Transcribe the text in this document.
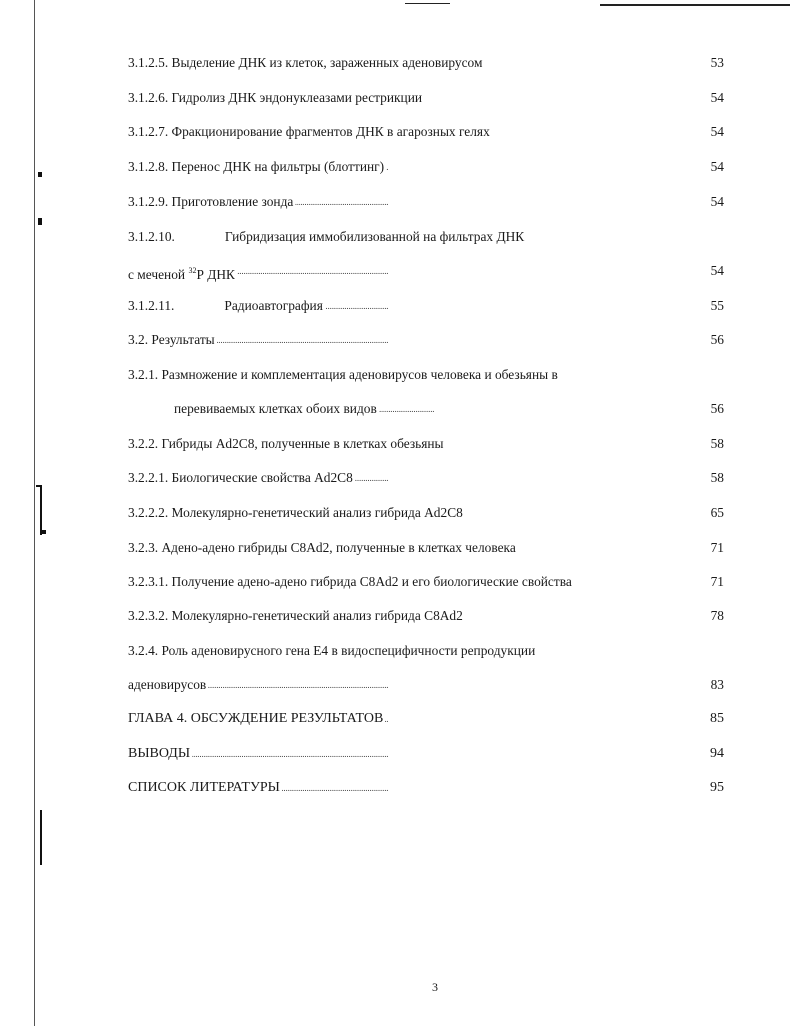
3.1.2.5. Выделение ДНК из клеток, зараженных аденовирусом . . .	53
3.1.2.6. Гидролиз ДНК эндонуклеазами рестрикции . . .	54
3.1.2.7. Фракционирование фрагментов ДНК в агарозных гелях . . .	54
3.1.2.8. Перенос ДНК на фильтры (блоттинг) . . .	54
3.1.2.9. Приготовление зонда . . .	54
3.1.2.10.	Гибридизация иммобилизованной на фильтрах ДНК
с меченой $^{32}$Р ДНК . . .	54
3.1.2.11.	Радиоавтография . . .	55
3.2. Результаты . . .	56
3.2.1. Размножение и комплементация аденовирусов человека и обезьяны в
перевиваемых клетках обоих видов . . .	56
3.2.2. Гибриды Ad2C8, полученные в клетках обезьяны . . .	58
3.2.2.1. Биологические свойства Ad2C8 . . .	58
3.2.2.2. Молекулярно-генетический анализ гибрида Ad2C8 . . .	65
3.2.3. Адено-адено гибриды C8Ad2, полученные в клетках человека . . .	71
3.2.3.1. Получение адено-адено гибрида C8Ad2 и его биологические свойства . . .	71
3.2.3.2. Молекулярно-генетический анализ гибрида C8Ad2 . . .	78
3.2.4. Роль аденовирусного гена Е4 в видоспецифичности репродукции
аденовирусов . . .	83
ГЛАВА 4. ОБСУЖДЕНИЕ РЕЗУЛЬТАТОВ . . .	85
ВЫВОДЫ . . .	94
СПИСОК ЛИТЕРАТУРЫ . . .	95
3
